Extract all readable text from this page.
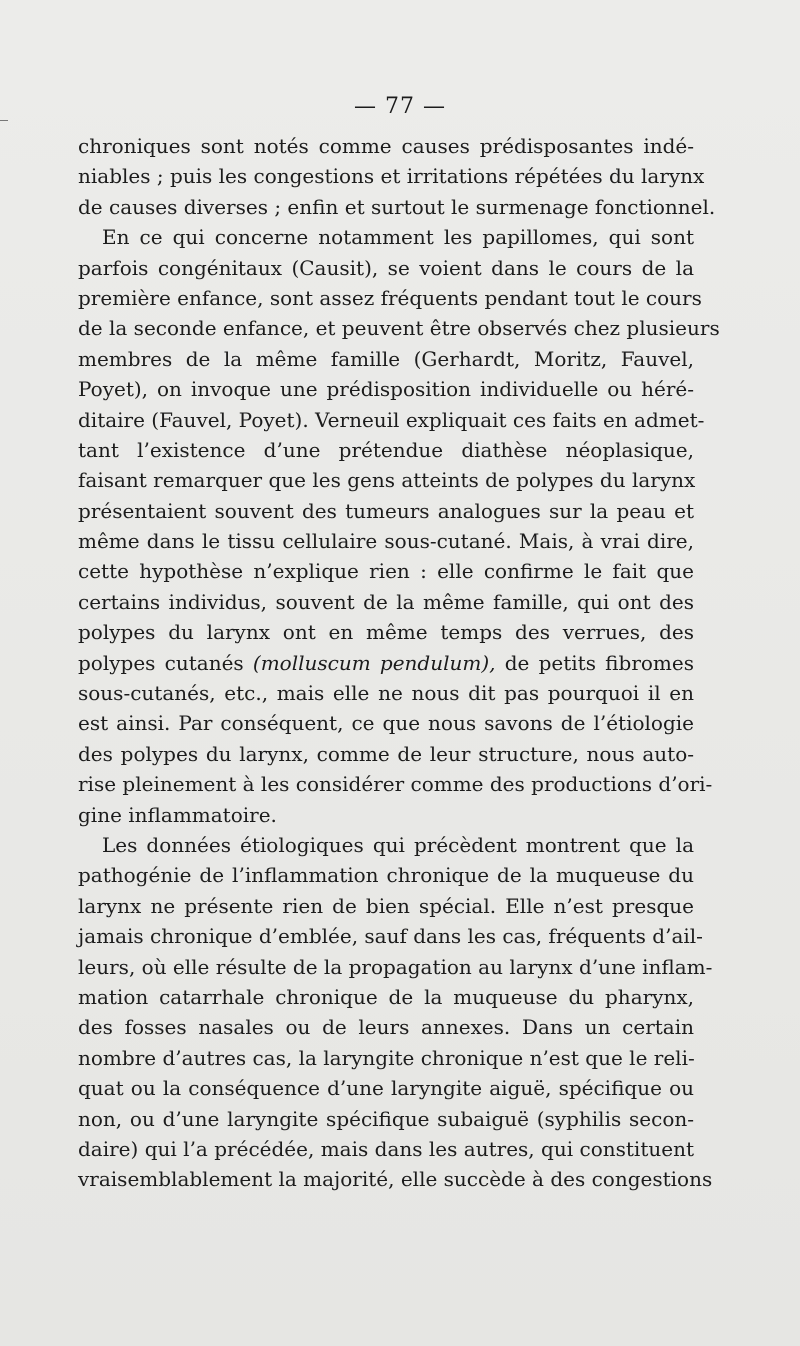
— 77 —
chroniques sont notés comme causes prédisposantes indé-
niables ; puis les congestions et irritations répétées du larynx
de causes diverses ; enfin et surtout le surmenage fonctionnel.
En ce qui concerne notamment les papillomes, qui sont
parfois congénitaux (Causit), se voient dans le cours de la
première enfance, sont assez fréquents pendant tout le cours
de la seconde enfance, et peuvent être observés chez plusieurs
membres de la même famille (Gerhardt, Moritz, Fauvel,
Poyet), on invoque une prédisposition individuelle ou héré-
ditaire (Fauvel, Poyet). Verneuil expliquait ces faits en admet-
tant l’existence d’une prétendue diathèse néoplasique,
faisant remarquer que les gens atteints de polypes du larynx
présentaient souvent des tumeurs analogues sur la peau et
même dans le tissu cellulaire sous-cutané. Mais, à vrai dire,
cette hypothèse n’explique rien : elle confirme le fait que
certains individus, souvent de la même famille, qui ont des
polypes du larynx ont en même temps des verrues, des
polypes cutanés (molluscum pendulum), de petits fibromes
sous-cutanés, etc., mais elle ne nous dit pas pourquoi il en
est ainsi. Par conséquent, ce que nous savons de l’étiologie
des polypes du larynx, comme de leur structure, nous auto-
rise pleinement à les considérer comme des productions d’ori-
gine inflammatoire.
Les données étiologiques qui précèdent montrent que la
pathogénie de l’inflammation chronique de la muqueuse du
larynx ne présente rien de bien spécial. Elle n’est presque
jamais chronique d’emblée, sauf dans les cas, fréquents d’ail-
leurs, où elle résulte de la propagation au larynx d’une inflam-
mation catarrhale chronique de la muqueuse du pharynx,
des fosses nasales ou de leurs annexes. Dans un certain
nombre d’autres cas, la laryngite chronique n’est que le reli-
quat ou la conséquence d’une laryngite aiguë, spécifique ou
non, ou d’une laryngite spécifique subaiguë (syphilis secon-
daire) qui l’a précédée, mais dans les autres, qui constituent
vraisemblablement la majorité, elle succède à des congestions
